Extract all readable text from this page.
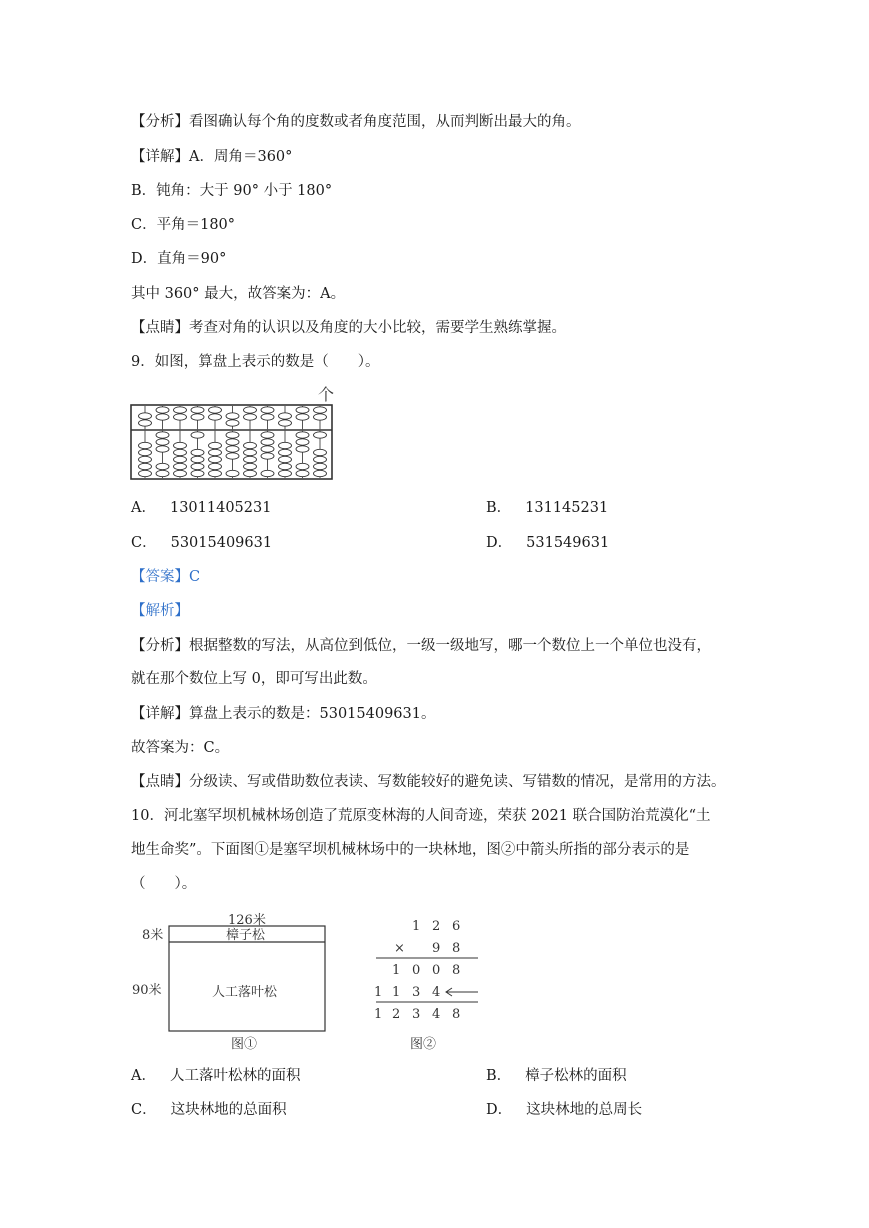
【分析】看图确认每个角的度数或者角度范围，从而判断出最大的角。
【详解】A．周角＝360°
B．钝角：大于 90° 小于 180°
C．平角＝180°
D．直角＝90°
其中 360° 最大，故答案为：A。
【点睛】考查对角的认识以及角度的大小比较，需要学生熟练掌握。
9．如图，算盘上表示的数是（　　）。
个
A． 13011405231	B． 131145231
C． 53015409631	D． 531549631
【答案】C
【解析】
【分析】根据整数的写法，从高位到低位，一级一级地写，哪一个数位上一个单位也没有，
就在那个数位上写 0，即可写出此数。
【详解】算盘上表示的数是：53015409631。
故答案为：C。
【点睛】分级读、写或借助数位表读、写数能较好的避免读、写错数的情况，是常用的方法。
10．河北塞罕坝机械林场创造了荒原变林海的人间奇迹，荣获 2021 联合国防治荒漠化“土
地生命奖”。下面图①是塞罕坝机械林场中的一块林地，图②中箭头所指的部分表示的是
（　　）。
126米
8米	樟子松
90米	人工落叶松
图①
1 2 6
× 9 8
1 0 0 8
1 1 3 4
1 2 3 4 8
图②
A． 人工落叶松林的面积	B． 樟子松林的面积
C． 这块林地的总面积	D． 这块林地的总周长
